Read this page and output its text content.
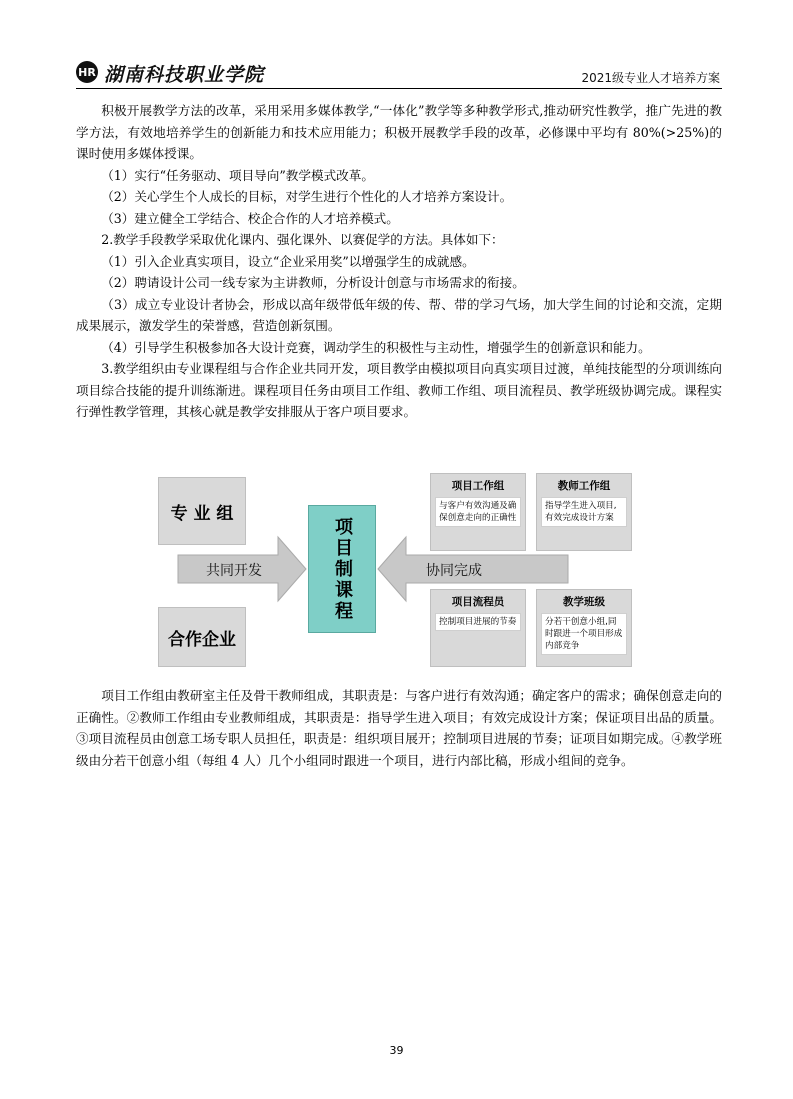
HR 湖南科技职业学院	2021级专业人才培养方案

积极开展教学方法的改革，采用采用多媒体教学,“一体化”教学等多种教学形式,推动研究性教学，推广先进的教学方法，有效地培养学生的创新能力和技术应用能力；积极开展教学手段的改革，必修课中平均有 80%(>25%)的课时使用多媒体授课。

（1）实行“任务驱动、项目导向”教学模式改革。

（2）关心学生个人成长的目标，对学生进行个性化的人才培养方案设计。

（3）建立健全工学结合、校企合作的人才培养模式。

2.教学手段教学采取优化课内、强化课外、以赛促学的方法。具体如下：

（1）引入企业真实项目，设立“企业采用奖”以增强学生的成就感。

（2）聘请设计公司一线专家为主讲教师，分析设计创意与市场需求的衔接。

（3）成立专业设计者协会，形成以高年级带低年级的传、帮、带的学习气场，加大学生间的讨论和交流，定期成果展示，激发学生的荣誉感，营造创新氛围。

（4）引导学生积极参加各大设计竞赛，调动学生的积极性与主动性，增强学生的创新意识和能力。

3.教学组织由专业课程组与合作企业共同开发，项目教学由模拟项目向真实项目过渡，单纯技能型的分项训练向项目综合技能的提升训练渐进。课程项目任务由项目工作组、教师工作组、项目流程员、教学班级协调完成。课程实行弹性教学管理，其核心就是教学安排服从于客户项目要求。

专 业 组
合作企业
共同开发	项目制课程	协同完成
项目工作组
与客户有效沟通及确保创意走向的正确性
教师工作组
指导学生进入项目,有效完成设计方案
项目流程员
控制项目进展的节奏
教学班级
分若干创意小组,同时跟进一个项目形成内部竞争

项目工作组由教研室主任及骨干教师组成，其职责是：与客户进行有效沟通；确定客户的需求；确保创意走向的正确性。②教师工作组由专业教师组成，其职责是：指导学生进入项目；有效完成设计方案；保证项目出品的质量。③项目流程员由创意工场专职人员担任，职责是：组织项目展开；控制项目进展的节奏；证项目如期完成。④教学班级由分若干创意小组（每组 4 人）几个小组同时跟进一个项目，进行内部比稿，形成小组间的竞争。

39
